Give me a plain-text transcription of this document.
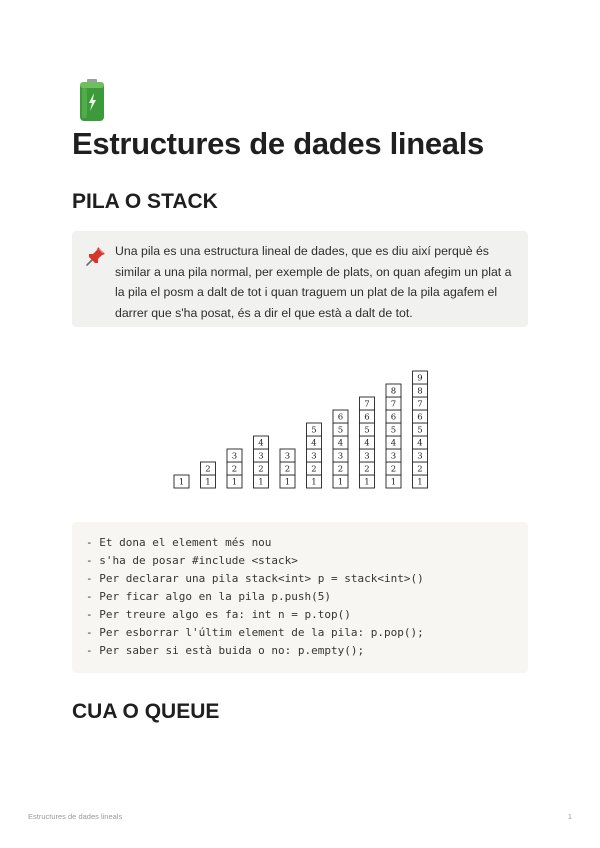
Estructures de dades lineals
PILA O STACK

Una pila es una estructura lineal de dades, que es diu així perquè és similar a una pila normal, per exemple de plats, on quan afegim un plat a la pila el posm a dalt de tot i quan traguem un plat de la pila agafem el darrer que s'ha posat, és a dir el que està a dalt de tot.

1 1
2
1
2
3
1
2
3
4
1
2
3
1
2
3
4
5
1
2
3
4
5
6
1
2
3
4
5
6
7
1
2
3
4
5
6
7
8
1
2
3
4
5
6
7
8
9
- Et dona el element més nou
- s'ha de posar #include <stack>
- Per declarar una pila stack<int> p = stack<int>()
- Per ficar algo en la pila p.push(5)
- Per treure algo es fa: int n = p.top()
- Per esborrar l'últim element de la pila: p.pop();
- Per saber si està buida o no: p.empty();
CUA O QUEUE
Estructures de dades lineals	1
